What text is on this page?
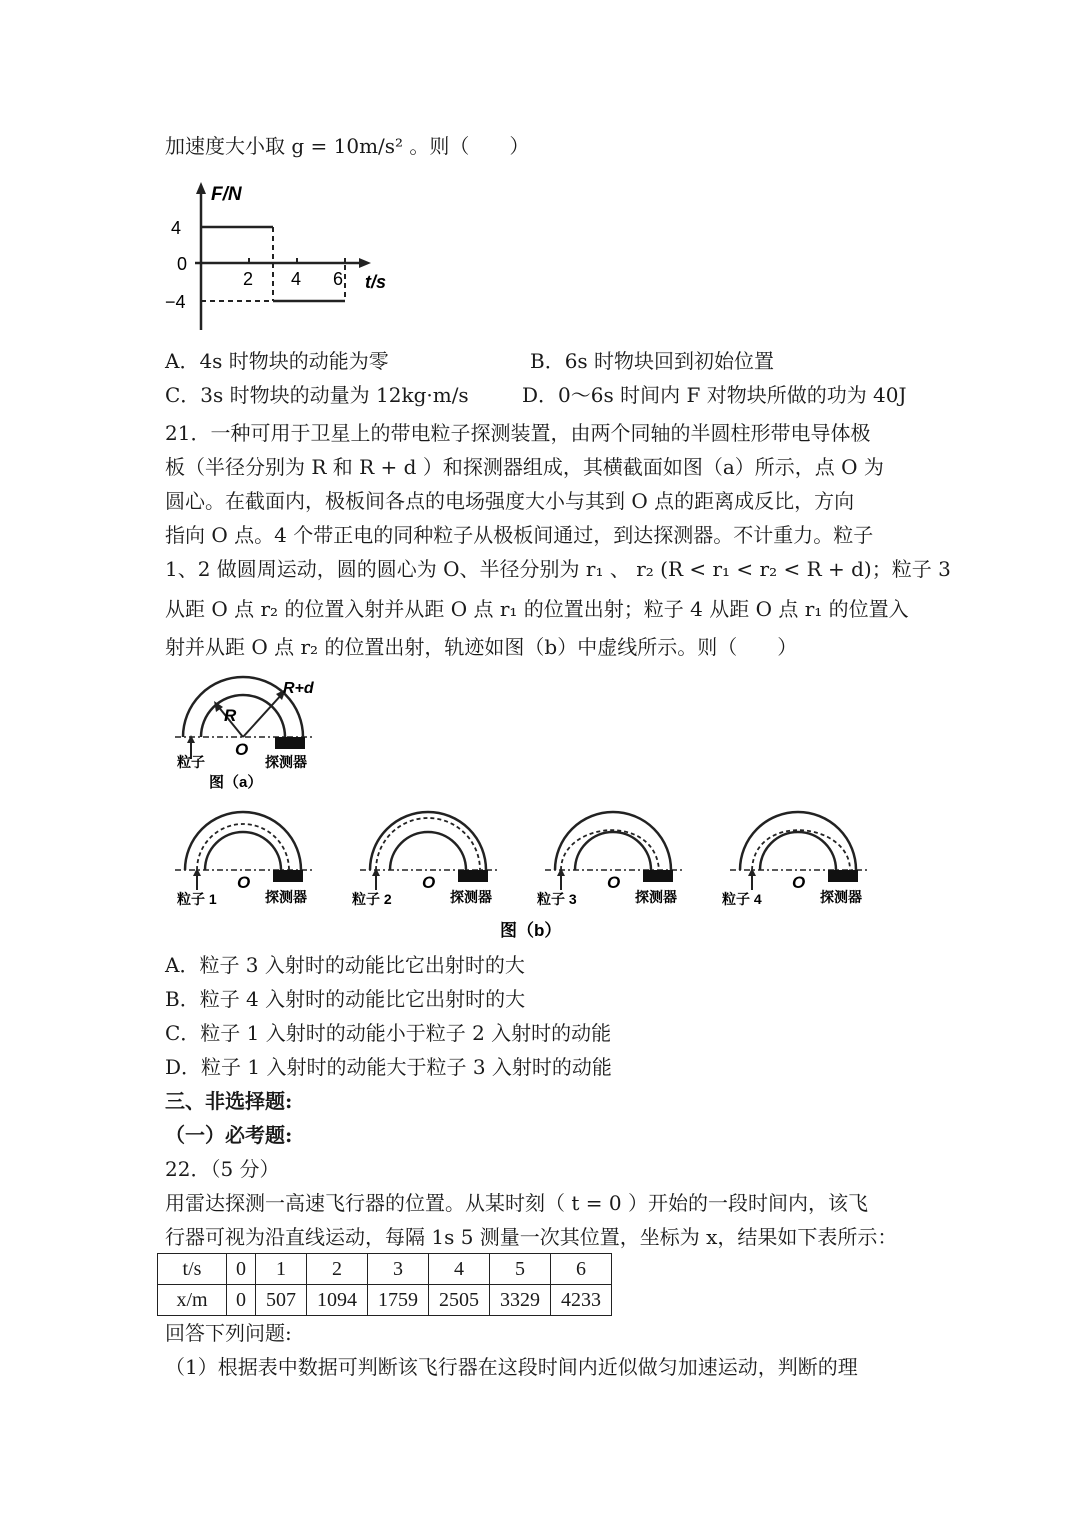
加速度大小取 g = 10m/s² 。则（　　）
F/N
4
0
−4
2 4 6 t/s
A．4s 时物块的动能为零	B．6s 时物块回到初始位置
C．3s 时物块的动量为 12kg·m/s	D．0～6s 时间内 F 对物块所做的功为 40J
21．一种可用于卫星上的带电粒子探测装置，由两个同轴的半圆柱形带电导体极
板（半径分别为 R 和 R + d ）和探测器组成，其横截面如图（a）所示，点 O 为
圆心。在截面内，极板间各点的电场强度大小与其到 O 点的距离成反比，方向
指向 O 点。4 个带正电的同种粒子从极板间通过，到达探测器。不计重力。粒子
1、2 做圆周运动，圆的圆心为 O、半径分别为 r₁ 、 r₂ (R < r₁ < r₂ < R + d)；粒子 3
从距 O 点 r₂ 的位置入射并从距 O 点 r₁ 的位置出射；粒子 4 从距 O 点 r₁ 的位置入
射并从距 O 点 r₂ 的位置出射，轨迹如图（b）中虚线所示。则（　　）
R
R+d
O
粒子	探测器
图（a）
O
粒子 1	探测器
O
粒子 2	探测器
O
粒子 3	探测器
O
粒子 4	探测器
图（b）
A．粒子 3 入射时的动能比它出射时的大
B．粒子 4 入射时的动能比它出射时的大
C．粒子 1 入射时的动能小于粒子 2 入射时的动能
D．粒子 1 入射时的动能大于粒子 3 入射时的动能
三、非选择题:
（一）必考题:
22．（5 分）
用雷达探测一高速飞行器的位置。从某时刻（ t = 0 ）开始的一段时间内，该飞
行器可视为沿直线运动，每隔 1s 5 测量一次其位置，坐标为 x，结果如下表所示：
t/s	0	1	2	3	4	5	6
x/m	0	507	1094	1759	2505	3329	4233
回答下列问题:
（1）根据表中数据可判断该飞行器在这段时间内近似做匀加速运动，判断的理
